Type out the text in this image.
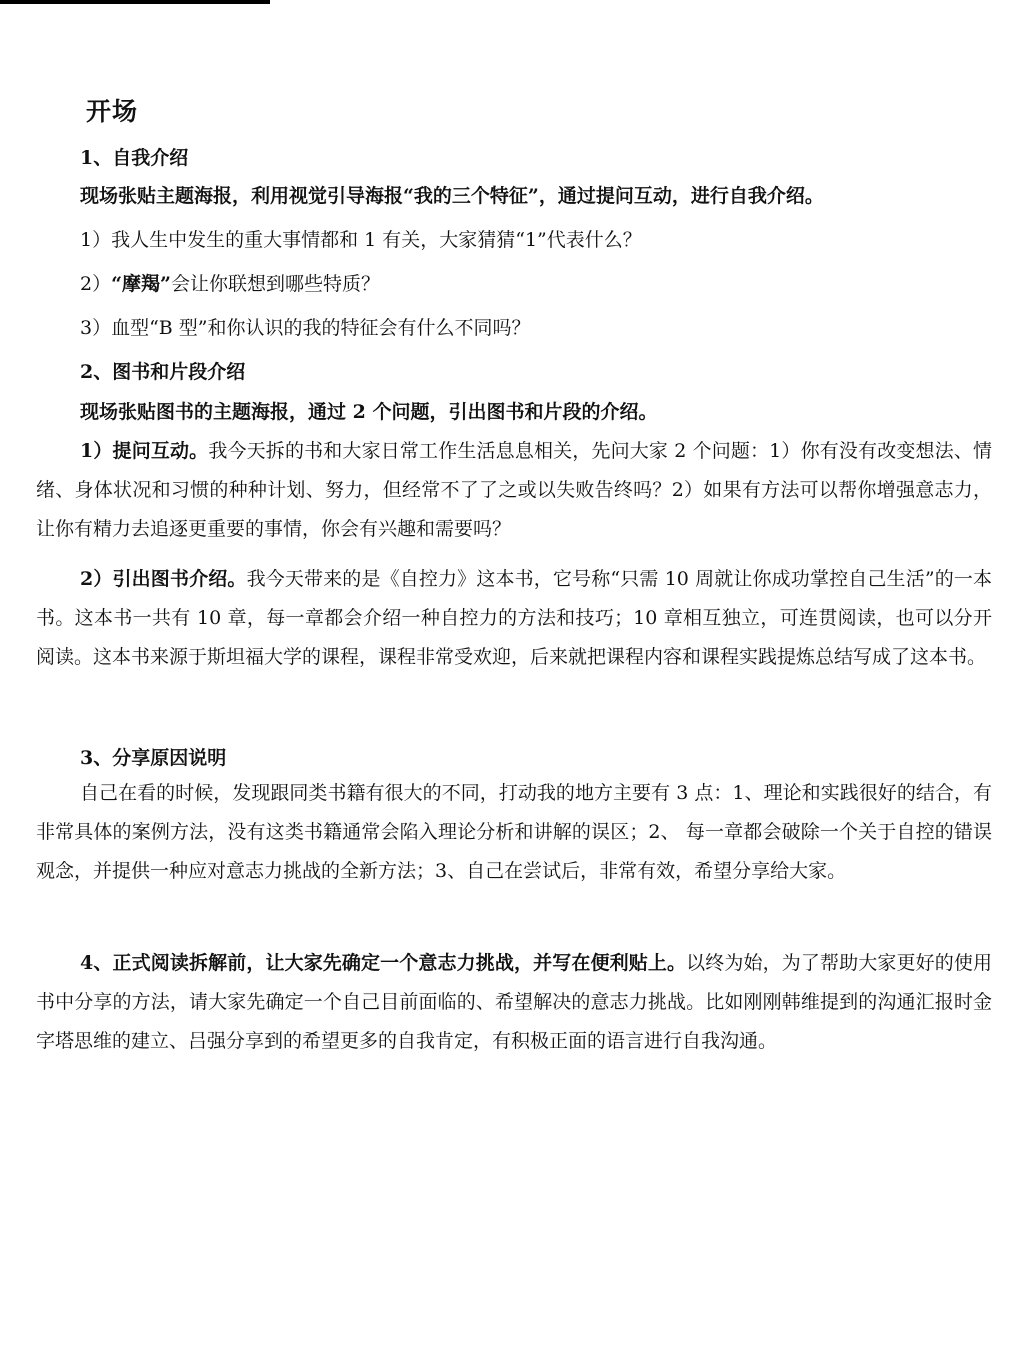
开场

1、自我介绍

现场张贴主题海报，利用视觉引导海报“我的三个特征”，通过提问互动，进行自我介绍。

1）我人生中发生的重大事情都和 1 有关，大家猜猜“1”代表什么？

2）“摩羯”会让你联想到哪些特质？

3）血型“B 型”和你认识的我的特征会有什么不同吗？

2、图书和片段介绍

现场张贴图书的主题海报，通过 2 个问题，引出图书和片段的介绍。

1）提问互动。我今天拆的书和大家日常工作生活息息相关，先问大家 2 个问题：1）你有没有改变想法、情绪、身体状况和习惯的种种计划、努力，但经常不了了之或以失败告终吗？2）如果有方法可以帮你增强意志力，让你有精力去追逐更重要的事情，你会有兴趣和需要吗？

2）引出图书介绍。我今天带来的是《自控力》这本书，它号称“只需 10 周就让你成功掌控自己生活”的一本书。这本书一共有 10 章，每一章都会介绍一种自控力的方法和技巧；10 章相互独立，可连贯阅读，也可以分开阅读。这本书来源于斯坦福大学的课程，课程非常受欢迎，后来就把课程内容和课程实践提炼总结写成了这本书。

3、分享原因说明

自己在看的时候，发现跟同类书籍有很大的不同，打动我的地方主要有 3 点：1、理论和实践很好的结合，有非常具体的案例方法，没有这类书籍通常会陷入理论分析和讲解的误区；2、 每一章都会破除一个关于自控的错误观念，并提供一种应对意志力挑战的全新方法；3、自己在尝试后，非常有效，希望分享给大家。

4、正式阅读拆解前，让大家先确定一个意志力挑战，并写在便利贴上。以终为始，为了帮助大家更好的使用书中分享的方法，请大家先确定一个自己目前面临的、希望解决的意志力挑战。比如刚刚韩维提到的沟通汇报时金字塔思维的建立、吕强分享到的希望更多的自我肯定，有积极正面的语言进行自我沟通。
